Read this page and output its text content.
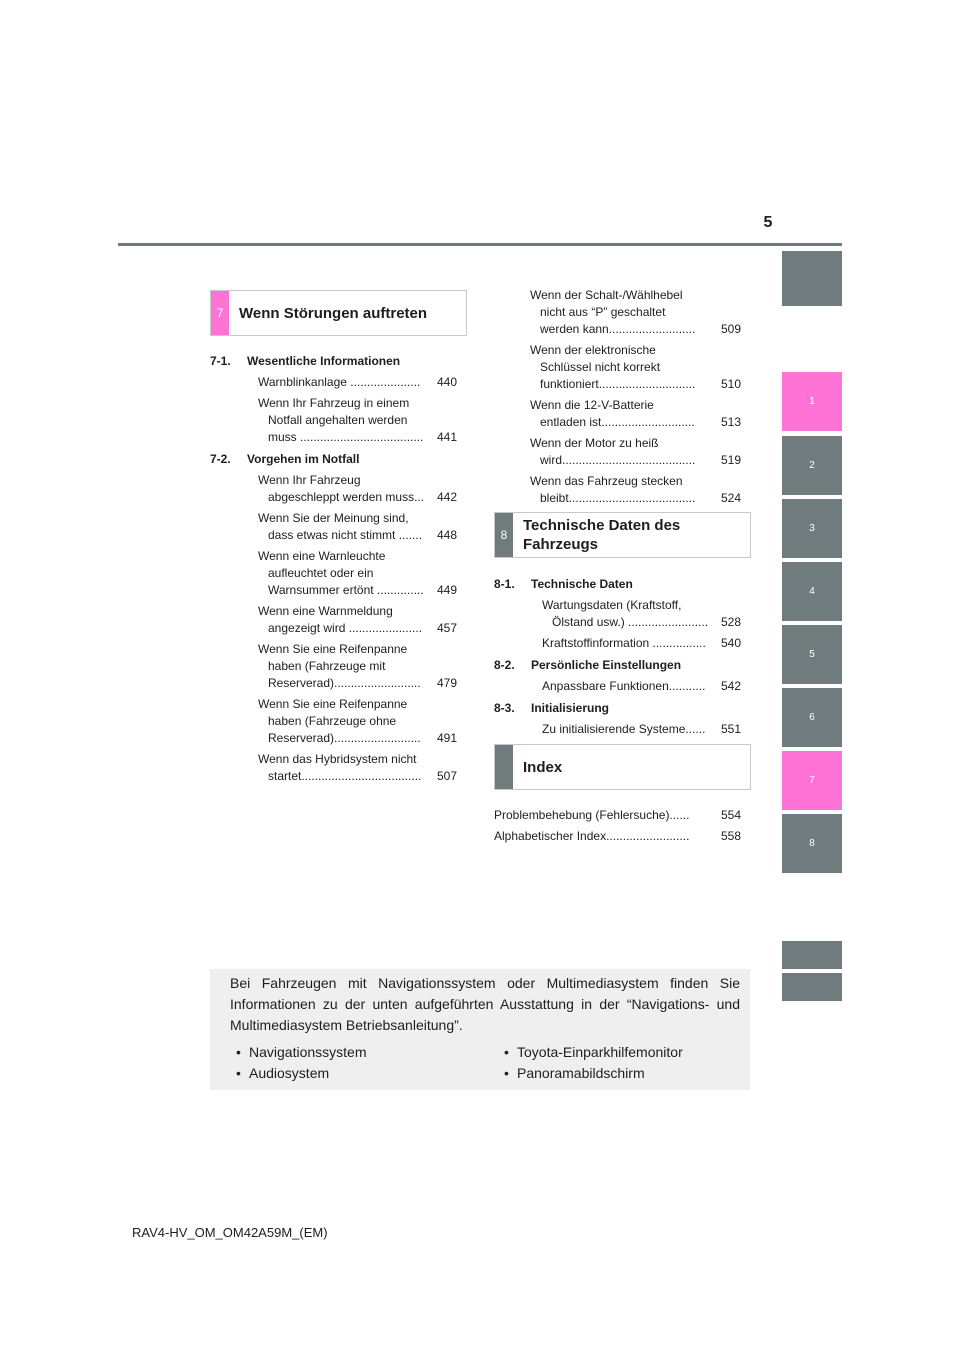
5
1
2
3
4
5
6
7
8
7	Wenn Störungen auftreten
8
Technische Daten des Fahrzeugs
Index
7-1.	Wesentliche Informationen
Warnblinkanlage ..................... 440
Wenn Ihr Fahrzeug in einem
Notfall angehalten werden
muss ..................................... 441
7-2.	Vorgehen im Notfall
Wenn Ihr Fahrzeug
abgeschleppt werden muss... 442
Wenn Sie der Meinung sind,
dass etwas nicht stimmt ....... 448
Wenn eine Warnleuchte
aufleuchtet oder ein
Warnsummer ertönt .............. 449
Wenn eine Warnmeldung
angezeigt wird ...................... 457
Wenn Sie eine Reifenpanne
haben (Fahrzeuge mit
Reserverad).......................... 479
Wenn Sie eine Reifenpanne
haben (Fahrzeuge ohne
Reserverad).......................... 491
Wenn das Hybridsystem nicht
startet.................................... 507
Wenn der Schalt-/Wählhebel
nicht aus “P” geschaltet
werden kann.......................... 509
Wenn der elektronische
Schlüssel nicht korrekt
funktioniert............................. 510
Wenn die 12-V-Batterie
entladen ist............................ 513
Wenn der Motor zu heiß
wird........................................ 519
Wenn das Fahrzeug stecken
bleibt...................................... 524
8-1.	Technische Daten
Wartungsdaten (Kraftstoff,
Ölstand usw.) ........................ 528
Kraftstoffinformation ................ 540
8-2.	Persönliche Einstellungen
Anpassbare Funktionen........... 542
8-3.	Initialisierung
Zu initialisierende Systeme...... 551
Problembehebung (Fehlersuche)......	554
Alphabetischer Index.........................	558
Bei Fahrzeugen mit Navigationssystem oder Multimediasystem finden Sie Informationen zu der unten aufgeführten Ausstattung in der “Navigations- und Multimediasystem Betriebsanleitung”.
• Navigationssystem
• Audiosystem
• Toyota-Einparkhilfemonitor
• Panoramabildschirm
RAV4-HV_OM_OM42A59M_(EM)
